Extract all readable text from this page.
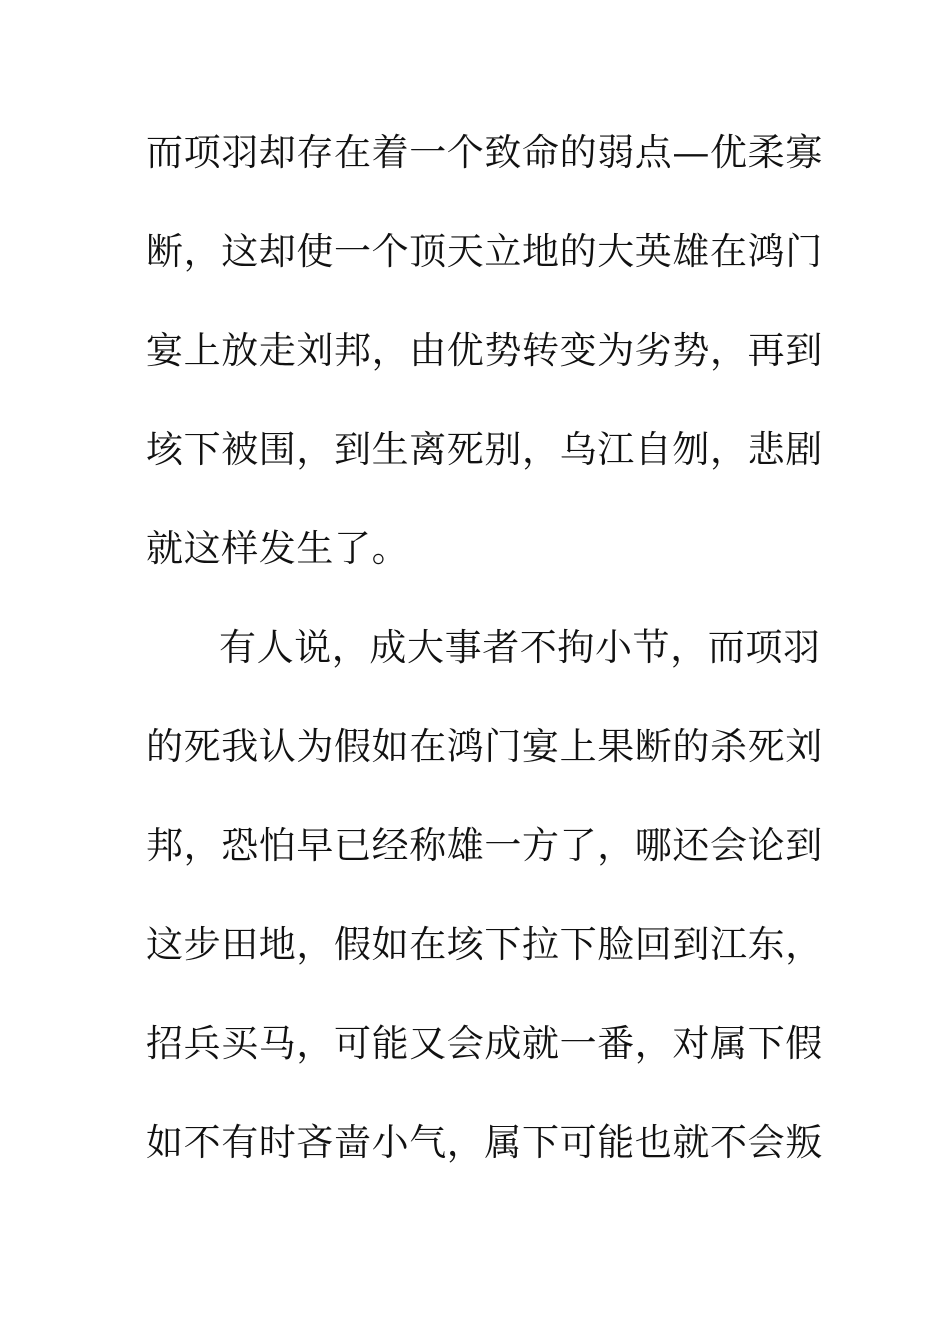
而项羽却存在着一个致命的弱点—优柔寡
断，这却使一个顶天立地的大英雄在鸿门
宴上放走刘邦，由优势转变为劣势，再到
垓下被围，到生离死别，乌江自刎，悲剧
就这样发生了。
有人说，成大事者不拘小节，而项羽
的死我认为假如在鸿门宴上果断的杀死刘
邦，恐怕早已经称雄一方了，哪还会论到
这步田地，假如在垓下拉下脸回到江东，
招兵买马，可能又会成就一番，对属下假
如不有时吝啬小气，属下可能也就不会叛
